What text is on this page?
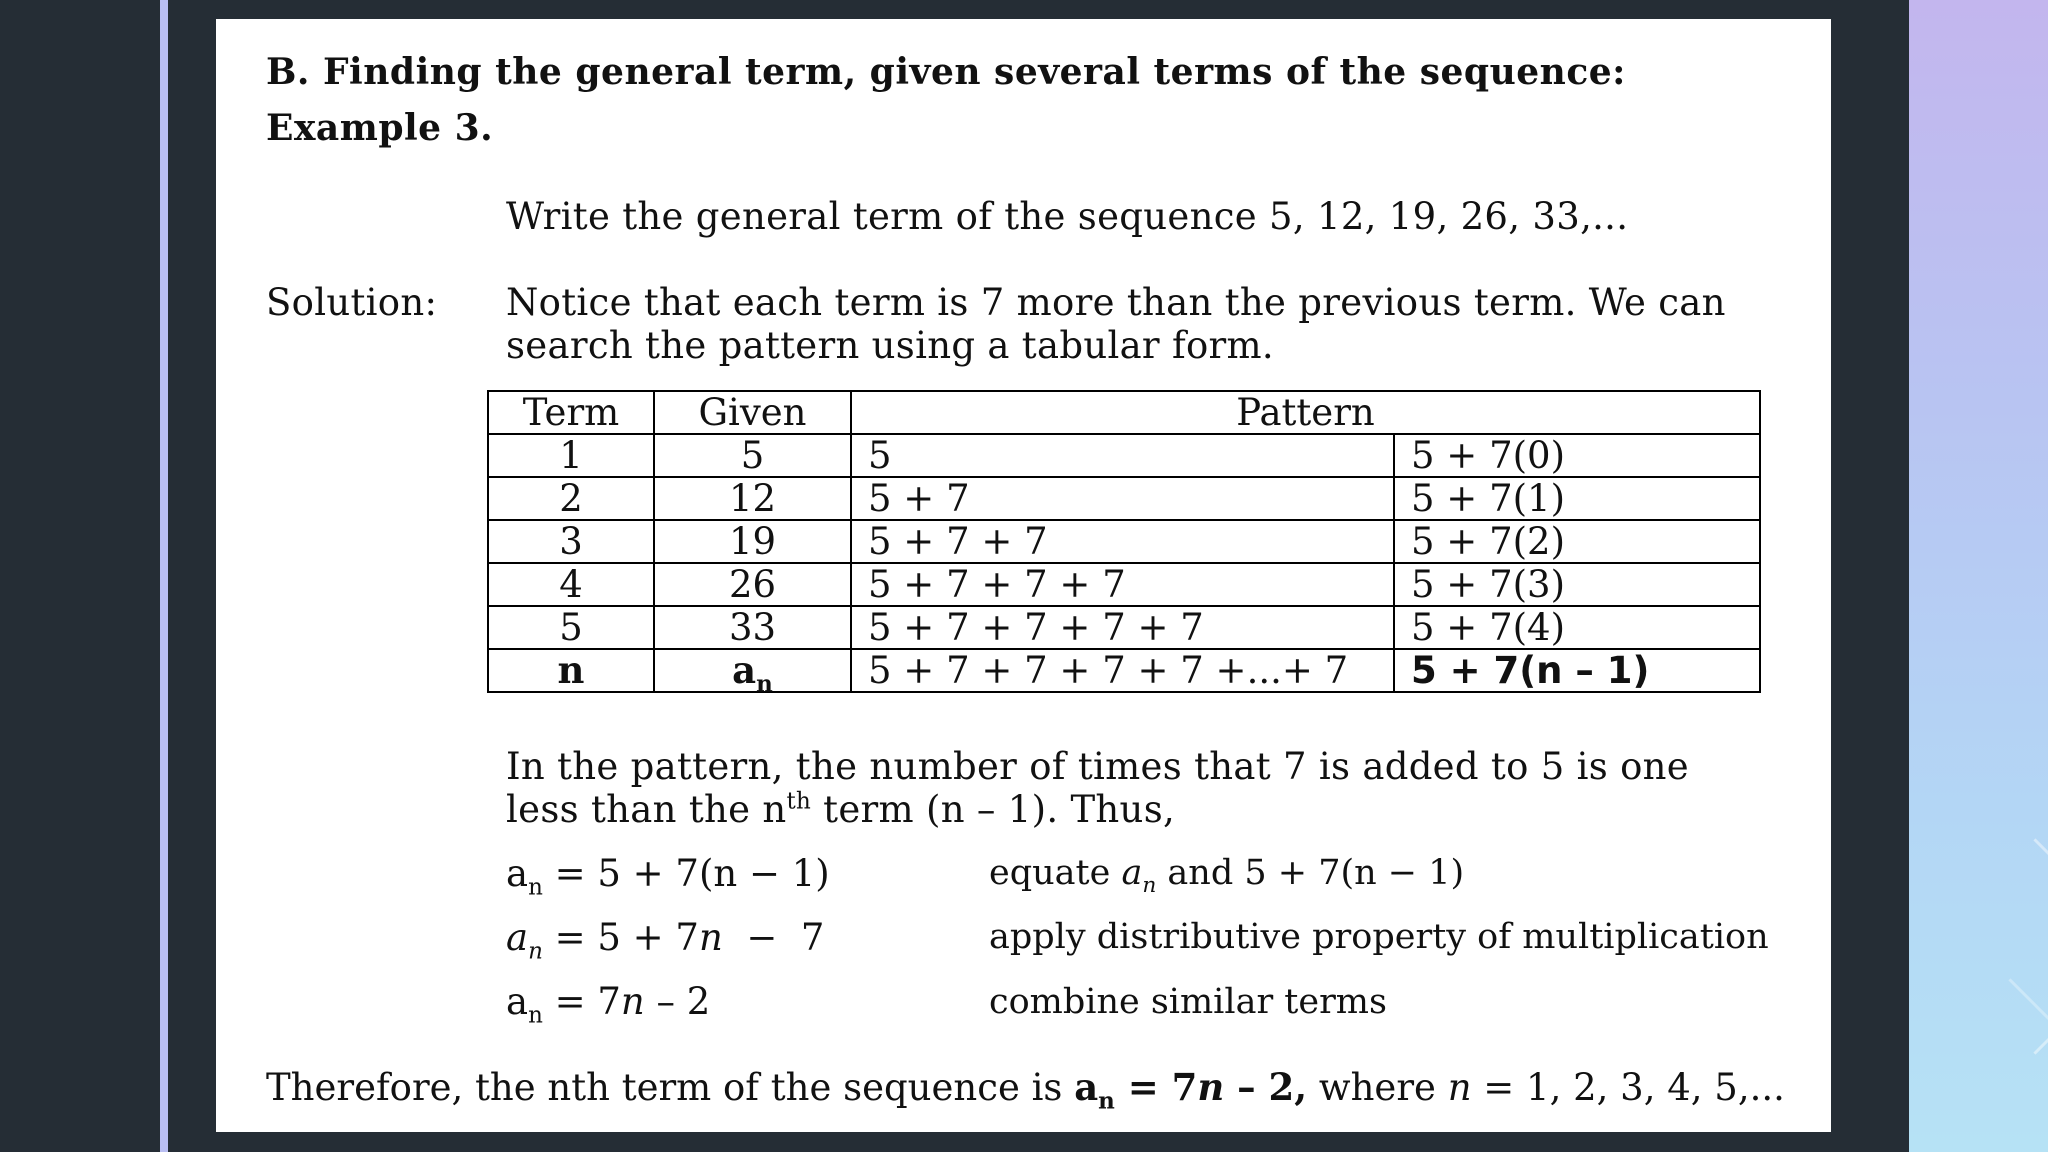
B. Finding the general term, given several terms of the sequence:
Example 3.
Write the general term of the sequence 5, 12, 19, 26, 33,...
Solution: Notice that each term is 7 more than the previous term. We can
search the pattern using a tabular form.
Term	Given	Pattern	
1	5	5	5 + 7(0)
2	12	5 + 7	5 + 7(1)
3	19	5 + 7 + 7	5 + 7(2)
4	26	5 + 7 + 7 + 7	5 + 7(3)
5	33	5 + 7 + 7 + 7 + 7	5 + 7(4)
n	$a_n$	5 + 7 + 7 + 7 + 7 +...+ 7	5 + 7(n – 1)
In the pattern, the number of times that 7 is added to 5 is one
less than the $n^{th}$ term (n – 1). Thus,
$a_n = 5 + 7(n - 1)$	equate $a_n$ and 5 + 7(n − 1)
$a_n = 5 + 7n - 7$	apply distributive property of multiplication
$a_n = 7n - 2$	combine similar terms
Therefore, the nth term of the sequence is $a_n = 7n - 2$, where n = 1, 2, 3, 4, 5,...
